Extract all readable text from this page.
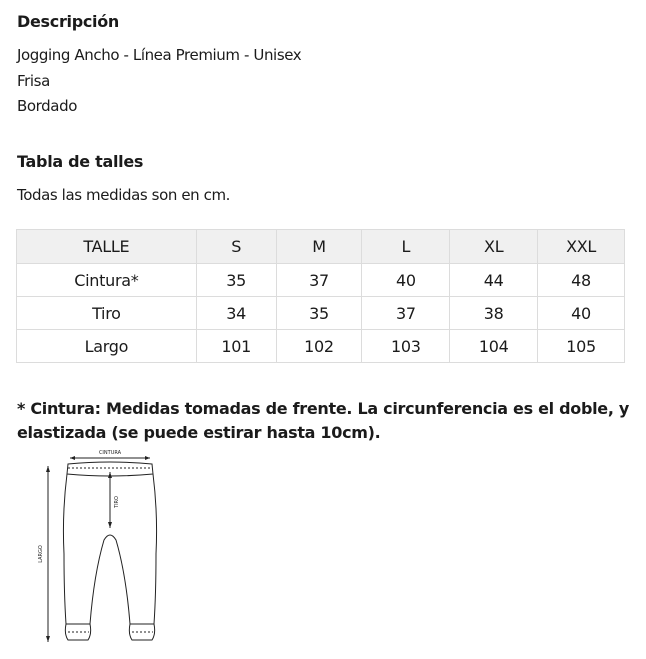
Descripción

Jogging Ancho - Línea Premium - Unisex

Frisa

Bordado

Tabla de talles

Todas las medidas son en cm.

TALLE	S	M	L	XL	XXL
Cintura*	35	37	40	44	48
Tiro	34	35	37	38	40
Largo	101	102	103	104	105

* Cintura: Medidas tomadas de frente. La circunferencia es el doble, y elastizada (se puede estirar hasta 10cm).

CINTURA
TIRO
LARGO
